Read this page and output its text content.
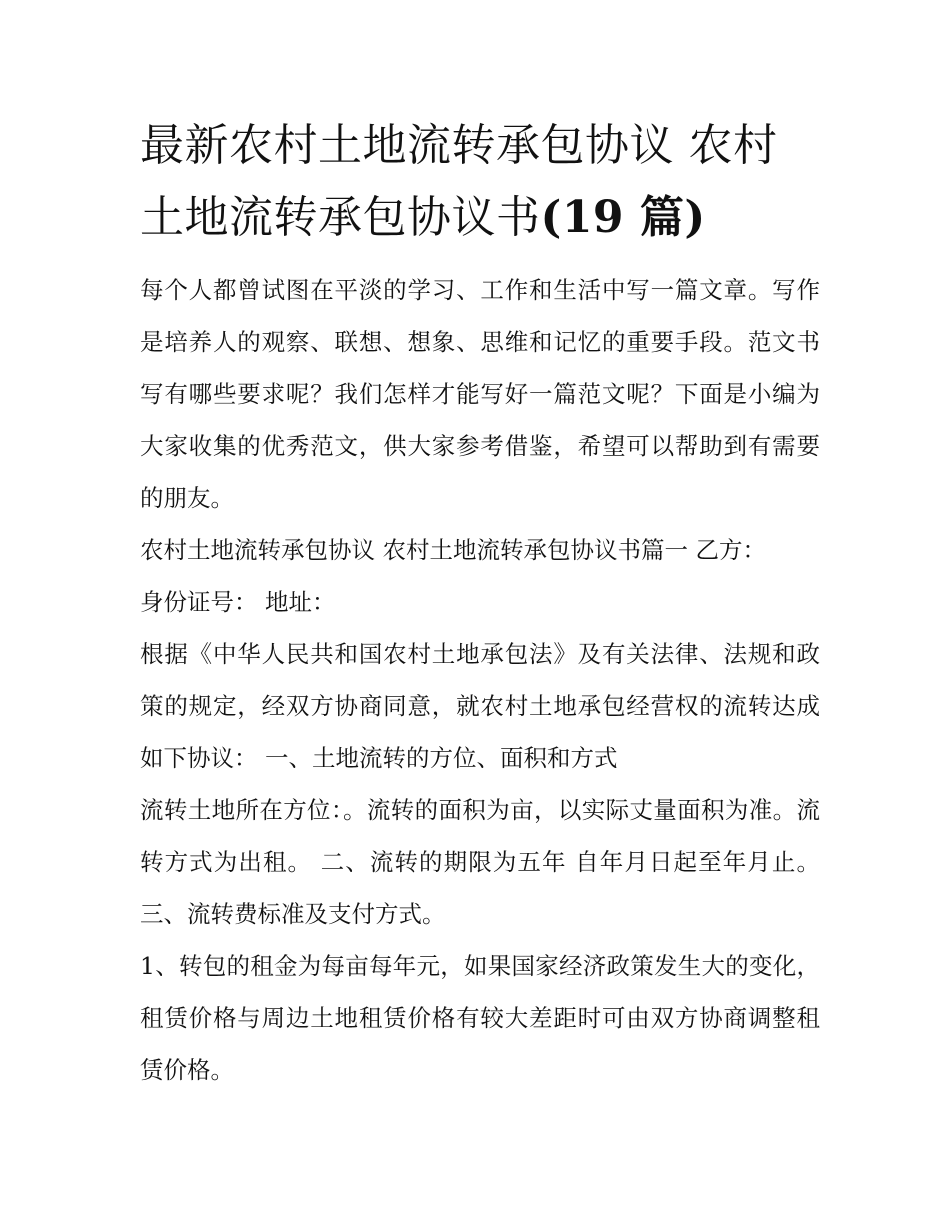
最新农村土地流转承包协议 农村土地流转承包协议书(19 篇)

每个人都曾试图在平淡的学习、工作和生活中写一篇文章。写作是培养人的观察、联想、想象、思维和记忆的重要手段。范文书写有哪些要求呢？我们怎样才能写好一篇范文呢？下面是小编为大家收集的优秀范文，供大家参考借鉴，希望可以帮助到有需要的朋友。

农村土地流转承包协议 农村土地流转承包协议书篇一 乙方：

身份证号： 地址：

根据《中华人民共和国农村土地承包法》及有关法律、法规和政策的规定，经双方协商同意，就农村土地承包经营权的流转达成如下协议： 一、土地流转的方位、面积和方式

流转土地所在方位：。流转的面积为亩，以实际丈量面积为准。流转方式为出租。 二、流转的期限为五年 自年月日起至年月止。 三、流转费标准及支付方式。

1、转包的租金为每亩每年元，如果国家经济政策发生大的变化，租赁价格与周边土地租赁价格有较大差距时可由双方协商调整租赁价格。
